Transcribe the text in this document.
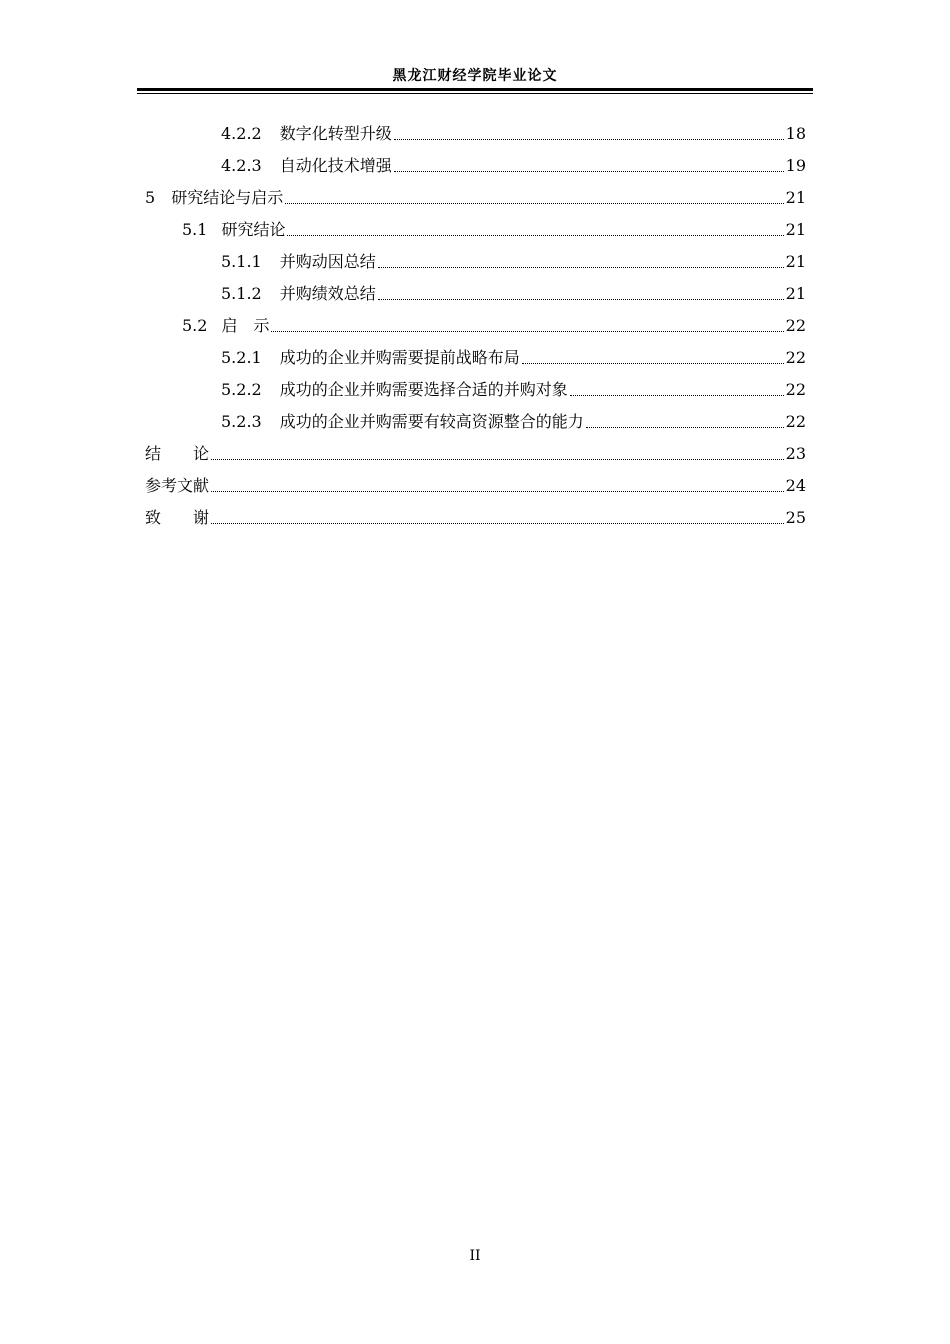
黑龙江财经学院毕业论文
4.2.2 数字化转型升级	18
4.2.3 自动化技术增强	19
5 研究结论与启示	21
5.1 研究结论	21
5.1.1 并购动因总结	21
5.1.2 并购绩效总结	21
5.2 启　示	22
5.2.1 成功的企业并购需要提前战略布局	22
5.2.2 成功的企业并购需要选择合适的并购对象	22
5.2.3 成功的企业并购需要有较高资源整合的能力	22
结　　论	23
参考文献	24
致　　谢	25
II
